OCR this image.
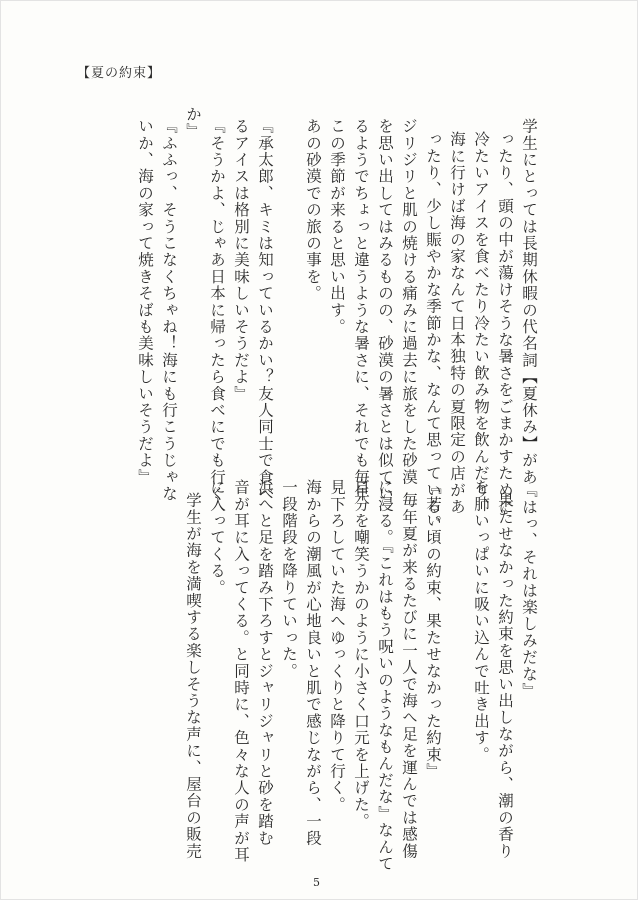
【夏の約束】
学生にとっては長期休暇の代名詞【夏休み】があ
ったり、頭の中が蕩けそうな暑さをごまかすために
冷たいアイスを食べたり冷たい飲み物を飲んだり、
海に行けば海の家なんて日本独特の夏限定の店があ
ったり、少し賑やかな季節かな、なんて思っている。
ジリジリと肌の焼ける痛みに過去に旅をした砂漠
を思い出してはみるものの、砂漠の暑さとは似てい
るようでちょっと違うような暑さに、それでも毎年
この季節が来ると思い出す。
あの砂漠での旅の事を。
『承太郎、キミは知っているかい？友人同士で食べ
るアイスは格別に美味しいそうだよ』
『そうかよ、じゃあ日本に帰ったら食べにでも行く
か』
『ふふっ、そうこなくちゃね！海にも行こうじゃな
いか、海の家って焼きそばも美味しいそうだよ』
『はっ、それは楽しみだな』
果たせなかった約束を思い出しながら、潮の香り
を肺いっぱいに吸い込んで吐き出す。
『若い頃の約束、果たせなかった約束』
毎年夏が来るたびに一人で海へ足を運んでは感傷
に浸る。『これはもう呪いのようなもんだな』なんて
自分を嘲笑うかのように小さく口元を上げた。
見下ろしていた海へゆっくりと降りて行く。
海からの潮風が心地良いと肌で感じながら、一段
一段階段を降りていった。
浜へと足を踏み下ろすとジャリジャリと砂を踏む
音が耳に入ってくる。と同時に、色々な人の声が耳
に入ってくる。
学生が海を満喫する楽しそうな声に、屋台の販売
5
